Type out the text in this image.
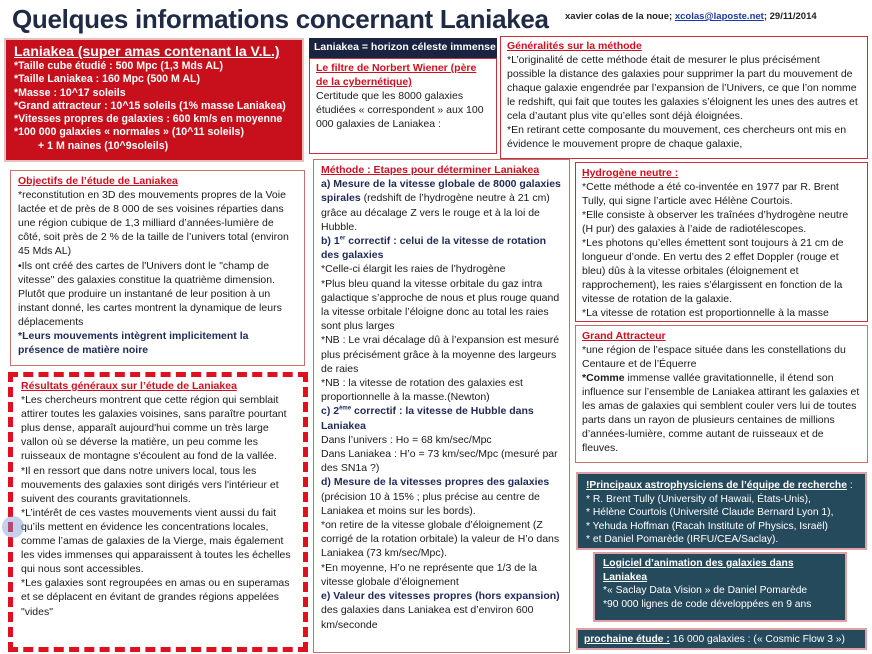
Quelques informations concernant Laniakea xavier colas de la noue; xcolas@laposte.net; 29/11/2014

Laniakea (super amas contenant la V.L.)

*Taille cube étudié : 500 Mpc (1,3 Mds AL)

*Taille Laniakea : 160 Mpc (500 M AL)

*Masse : 10^17 soleils

*Grand attracteur : 10^15 soleils (1% masse Laniakea)

*Vitesses propres de galaxies : 600 km/s en moyenne

*100 000 galaxies « normales » (10^11 soleils)

+ 1 M naines (10^9soleils)

Laniakea = horizon céleste immense

Le filtre de Norbert Wiener (père de la cybernétique)

Certitude que les 8000 galaxies étudiées « correspondent » aux 100 000 galaxies de Laniakea :

Généralités sur la méthode

*L’originalité de cette méthode était de mesurer le plus précisément possible la distance des galaxies pour supprimer la part du mouvement de chaque galaxie engendrée par l’expansion de l’Univers, ce que l’on nomme le redshift, qui fait que toutes les galaxies s’éloignent les unes des autres et cela d’autant plus vite qu’elles sont déjà éloignées.

*En retirant cette composante du mouvement, ces chercheurs ont mis en évidence le mouvement propre de chaque galaxie,

Objectifs de l’étude de Laniakea

*reconstitution en 3D des mouvements propres de la Voie lactée et de près de 8 000 de ses voisines réparties dans une région cubique de 1,3 milliard d’années-lumière de côté, soit près de 2 % de la taille de l’univers total (environ 45 Mds AL)

•Ils ont créé des cartes de l'Univers dont le "champ de vitesse" des galaxies constitue la quatrième dimension. Plutôt que produire un instantané de leur position à un instant donné, les cartes montrent la dynamique de leurs déplacements

*Leurs mouvements intègrent implicitement la présence de matière noire

Résultats généraux sur l’étude de Laniakea

*Les chercheurs montrent que cette région qui semblait attirer toutes les galaxies voisines, sans paraître pourtant plus dense, apparaît aujourd'hui comme un très large vallon où se déverse la matière, un peu comme les ruisseaux de montagne s'écoulent au fond de la vallée.

*Il en ressort que dans notre univers local, tous les mouvements des galaxies sont dirigés vers l'intérieur et suivent des courants gravitationnels.

*L’intérêt de ces vastes mouvements vient aussi du fait qu’ils mettent en évidence les concentrations locales, comme l’amas de galaxies de la Vierge, mais également les vides immenses qui apparaissent à toutes les échelles qui nous sont accessibles.

*Les galaxies sont regroupées en amas ou en superamas et se déplacent en évitant de grandes régions appelées "vides"

Méthode : Etapes pour déterminer Laniakea

a) Mesure de la vitesse globale de 8000 galaxies spirales (redshift de l’hydrogène neutre à 21 cm) grâce au décalage Z vers le rouge et à la loi de Hubble.

b) 1er correctif : celui de la vitesse de rotation des galaxies

*Celle-ci élargit les raies de l’hydrogène

*Plus bleu quand la vitesse orbitale du gaz intra galactique s’approche de nous et plus rouge quand la vitesse orbitale l’éloigne donc au total les raies sont plus larges

*NB : Le vrai décalage dû à l’expansion est mesuré plus précisément grâce à la moyenne des largeurs de raies

*NB : la vitesse de rotation des galaxies est proportionnelle à la masse.(Newton)

c) 2ème correctif : la vitesse de Hubble dans Laniakea

Dans l’univers : Ho = 68 km/sec/Mpc

Dans Laniakea : H’o = 73 km/sec/Mpc (mesuré par des SN1a ?)

d) Mesure de la vitesses propres des galaxies (précision 10 à 15% ; plus précise au centre de Laniakea et moins sur les bords).

*on retire de la vitesse globale d’éloignement (Z corrigé de la rotation orbitale) la valeur de H’o dans Laniakea (73 km/sec/Mpc).

*En moyenne, H’o ne représente que 1/3 de la vitesse globale d’éloignement

e) Valeur des vitesses propres (hors expansion) des galaxies dans Laniakea est d’environ 600 km/seconde

Hydrogène neutre :

*Cette méthode a été co-inventée en 1977 par R. Brent Tully, qui signe l’article avec Hélène Courtois.

*Elle consiste à observer les traînées d’hydrogène neutre (H pur) des galaxies à l’aide de radiotélescopes.

*Les photons qu’elles émettent sont toujours à 21 cm de longueur d’onde. En vertu des 2 effet Doppler (rouge et bleu) dûs à la vitesse orbitales (éloignement et rapprochement), les raies s’élargissent en fonction de la vitesse de rotation de la galaxie.

*La vitesse de rotation est proportionnelle à la masse

Grand Attracteur

*une région de l’espace située dans les constellations du Centaure et de l’Équerre

*Comme immense vallée gravitationnelle, il étend son influence sur l’ensemble de Laniakea attirant les galaxies et les amas de galaxies qui semblent couler vers lui de toutes parts dans un rayon de plusieurs centaines de millions d’années-lumière, comme autant de ruisseaux et de fleuves.

!Principaux astrophysiciens de l’équipe de recherche :

* R. Brent Tully (University of Hawaii, États-Unis),

* Hélène Courtois (Université Claude Bernard Lyon 1),

* Yehuda Hoffman (Racah Institute of Physics, Israël)

* et Daniel Pomarède (IRFU/CEA/Saclay).

Logiciel d’animation des galaxies dans Laniakea

*« Saclay Data Vision » de Daniel Pomarède

*90 000 lignes de code développées en 9 ans

prochaine étude : 16 000 galaxies : (« Cosmic Flow 3 »)
